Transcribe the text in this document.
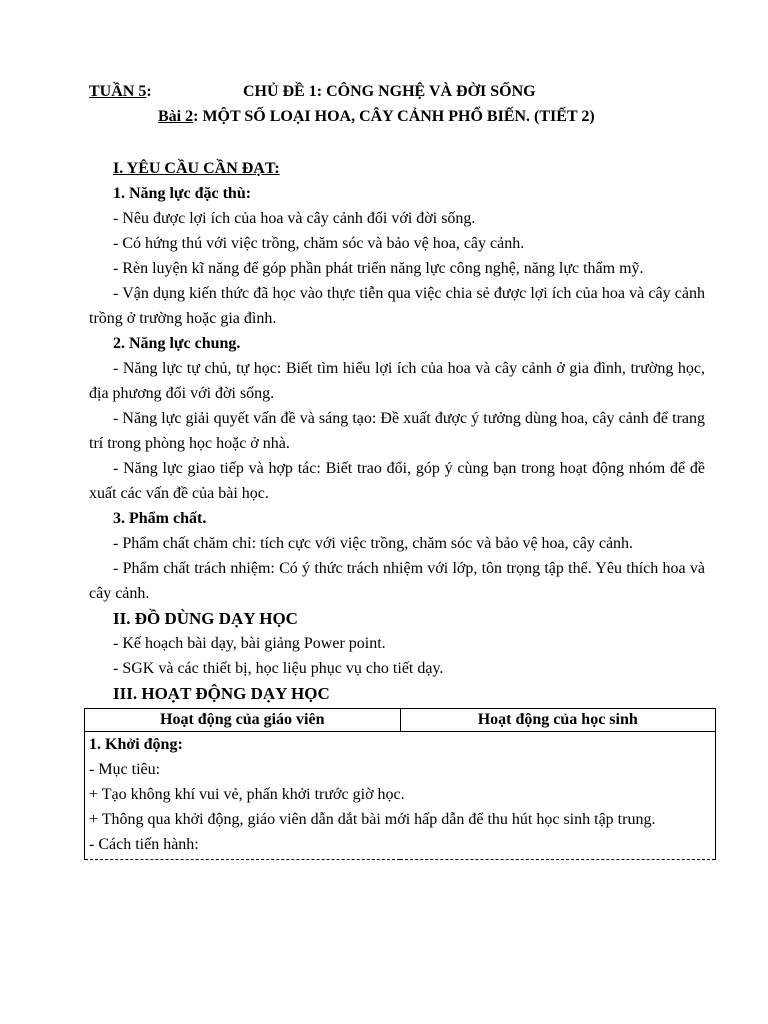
TUẦN 5:	CHỦ ĐỀ 1: CÔNG NGHỆ VÀ ĐỜI SỐNG
Bài 2: MỘT SỐ LOẠI HOA, CÂY CẢNH PHỔ BIẾN. (TIẾT 2)

I. YÊU CẦU CẦN ĐẠT:

1. Năng lực đặc thù:

- Nêu được lợi ích của hoa và cây cảnh đối với đời sống.

- Có hứng thú với việc trồng, chăm sóc và bảo vệ hoa, cây cảnh.

- Rèn luyện kĩ năng để góp phần phát triển năng lực công nghệ, năng lực thẩm mỹ.

- Vận dụng kiến thức đã học vào thực tiễn qua việc chia sẻ được lợi ích của hoa và cây cảnh trồng ở trường hoặc gia đình.

2. Năng lực chung.

- Năng lực tự chủ, tự học: Biết tìm hiểu lợi ích của hoa và cây cảnh ở gia đình, trường học, địa phương đối với đời sống.

- Năng lực giải quyết vấn đề và sáng tạo: Đề xuất được ý tưởng dùng hoa, cây cảnh để trang trí trong phòng học hoặc ở nhà.

- Năng lực giao tiếp và hợp tác: Biết trao đổi, góp ý cùng bạn trong hoạt động nhóm để đề xuất các vấn đề của bài học.

3. Phẩm chất.

- Phẩm chất chăm chỉ: tích cực với việc trồng, chăm sóc và bảo vệ hoa, cây cảnh.

- Phẩm chất trách nhiệm: Có ý thức trách nhiệm với lớp, tôn trọng tập thể. Yêu thích hoa và cây cảnh.

II. ĐỒ DÙNG DẠY HỌC

- Kế hoạch bài dạy, bài giảng Power point.

- SGK và các thiết bị, học liệu phục vụ cho tiết dạy.

III. HOẠT ĐỘNG DẠY HỌC

Hoạt động của giáo viên	Hoạt động của học sinh

1. Khởi động:

- Mục tiêu:

+ Tạo không khí vui vẻ, phấn khởi trước giờ học.

+ Thông qua khởi động, giáo viên dẫn dắt bài mới hấp dẫn để thu hút học sinh tập trung.

- Cách tiến hành:
